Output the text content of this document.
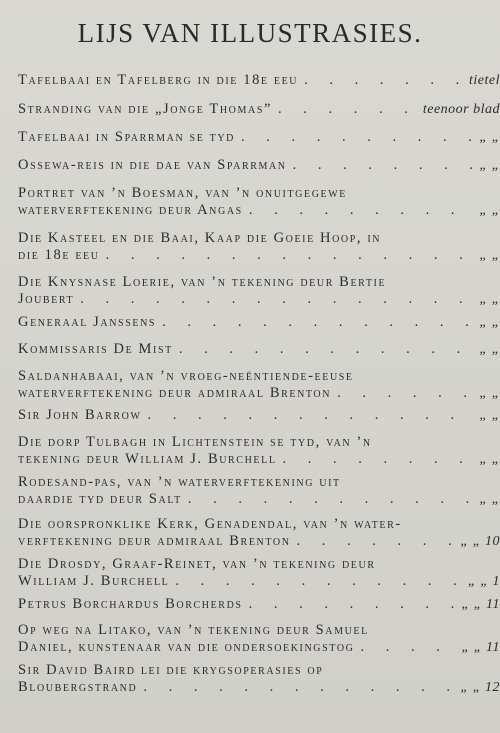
LIJS VAN ILLUSTRASIES.
Tafelbaai en Tafelberg in die 18e eeu . . .	tietel
Stranding van die „Jonge Thomas” . . .	teenoor blad
Tafelbaai in Sparrman se tyd . . .	„ „
Ossewa-reis in die dae van Sparrman . . .	„ „
Portret van ’n Boesman, van ’n onuitgegewe
waterverftekening deur Angas . . .	„ „
Die Kasteel en die Baai, Kaap die Goeie Hoop, in
die 18e eeu . . .	„ „
Die Knysnase Loerie, van ’n tekening deur Bertie
Joubert . . .	„ „
Generaal Janssens . . .	„ „
Kommissaris De Mist . . .	„ „
Saldanhabaai, van ’n vroeg-neëntiende-eeuse
waterverftekening deur admiraal Brenton . . .	„ „
Sir John Barrow . . .	„ „
Die dorp Tulbagh in Lichtenstein se tyd, van ’n
tekening deur William J. Burchell . . .	„ „
Rodesand-pas, van ’n waterverftekening uit
daardie tyd deur Salt . . .	„ „
Die oorspronklike Kerk, Genadendal, van ’n water-
verftekening deur admiraal Brenton . . .	„ „ 10
Die Drosdy, Graaf-Reinet, van ’n tekening deur
William J. Burchell . . .	„ „ 1
Petrus Borchardus Borcherds . . .	„ „ 11
Op weg na Litako, van ’n tekening deur Samuel
Daniel, kunstenaar van die ondersoekingstog . . .	„ „ 11
Sir David Baird lei die krygsoperasies op
Bloubergstrand . . .	„ „ 12
